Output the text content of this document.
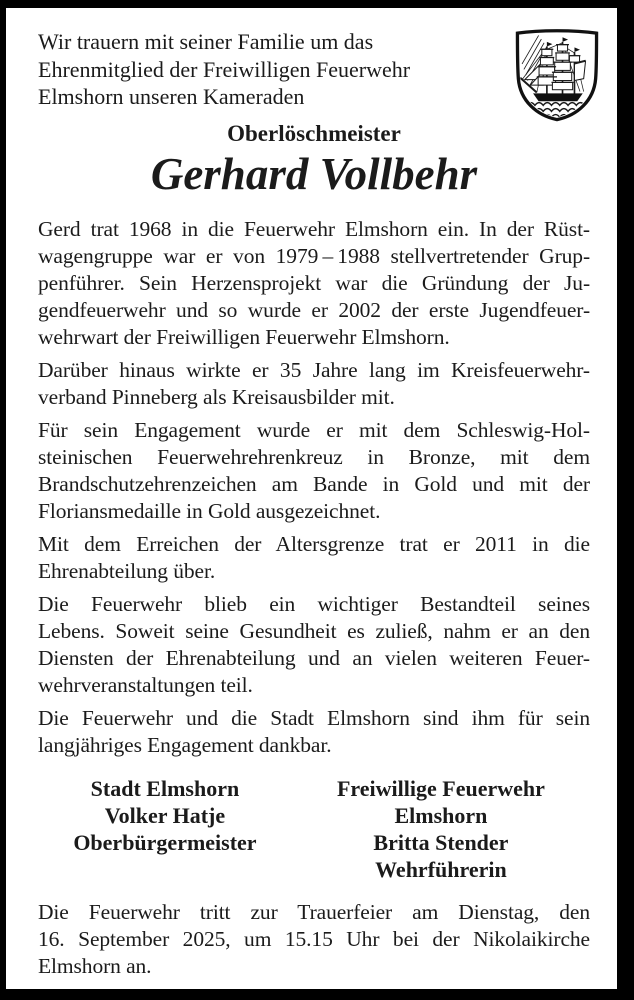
Wir trauern mit seiner Familie um das
Ehrenmitglied der Freiwilligen Feuerwehr
Elmshorn unseren Kameraden
Oberlöschmeister
Gerhard Vollbehr
Gerd trat 1968 in die Feuerwehr Elmshorn ein. In der Rüst-
wagengruppe war er von 1979 – 1988 stellvertretender Grup-
penführer. Sein Herzensprojekt war die Gründung der Ju-
gendfeuerwehr und so wurde er 2002 der erste Jugendfeuer-
wehrwart der Freiwilligen Feuerwehr Elmshorn.
Darüber hinaus wirkte er 35 Jahre lang im Kreisfeuerwehr-
verband Pinneberg als Kreisausbilder mit.
Für sein Engagement wurde er mit dem Schleswig-Hol-
steinischen Feuerwehrehrenkreuz in Bronze, mit dem
Brandschutzehrenzeichen am Bande in Gold und mit der
Floriansmedaille in Gold ausgezeichnet.
Mit dem Erreichen der Altersgrenze trat er 2011 in die
Ehrenabteilung über.
Die Feuerwehr blieb ein wichtiger Bestandteil seines
Lebens. Soweit seine Gesundheit es zuließ, nahm er an den
Diensten der Ehrenabteilung und an vielen weiteren Feuer-
wehrveranstaltungen teil.
Die Feuerwehr und die Stadt Elmshorn sind ihm für sein
langjähriges Engagement dankbar.
Stadt Elmshorn
Volker Hatje
Oberbürgermeister
Freiwillige Feuerwehr
Elmshorn
Britta Stender
Wehrführerin
Die Feuerwehr tritt zur Trauerfeier am Dienstag, den
16. September 2025, um 15.15 Uhr bei der Nikolaikirche
Elmshorn an.
